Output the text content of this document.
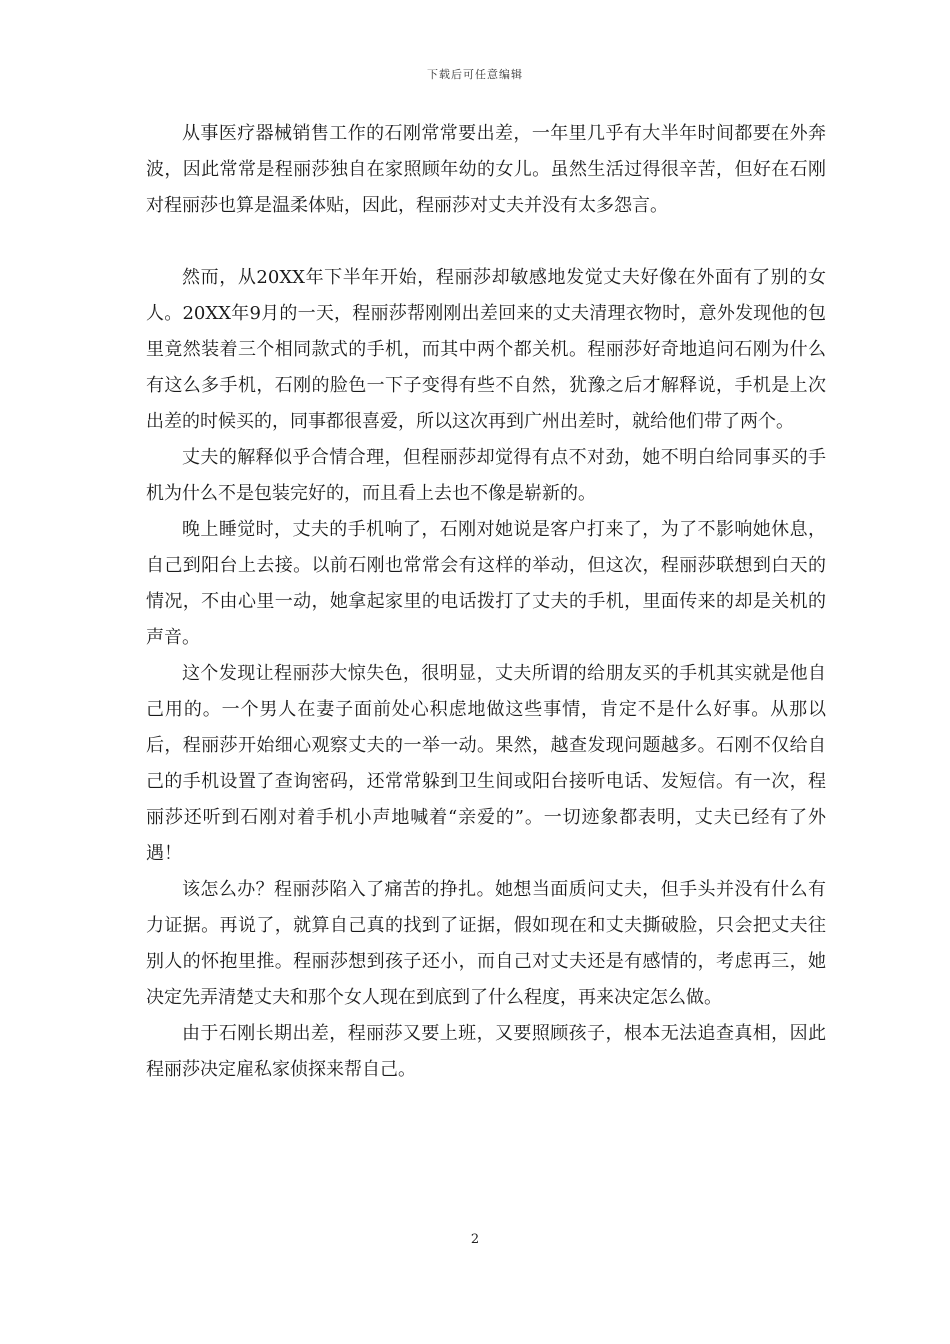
下载后可任意编辑

从事医疗器械销售工作的石刚常常要出差，一年里几乎有大半年时间都要在外奔波，因此常常是程丽莎独自在家照顾年幼的女儿。虽然生活过得很辛苦，但好在石刚对程丽莎也算是温柔体贴，因此，程丽莎对丈夫并没有太多怨言。

然而，从20XX年下半年开始，程丽莎却敏感地发觉丈夫好像在外面有了别的女人。20XX年9月的一天，程丽莎帮刚刚出差回来的丈夫清理衣物时，意外发现他的包里竟然装着三个相同款式的手机，而其中两个都关机。程丽莎好奇地追问石刚为什么有这么多手机，石刚的脸色一下子变得有些不自然，犹豫之后才解释说，手机是上次出差的时候买的，同事都很喜爱，所以这次再到广州出差时，就给他们带了两个。

丈夫的解释似乎合情合理，但程丽莎却觉得有点不对劲，她不明白给同事买的手机为什么不是包装完好的，而且看上去也不像是崭新的。

晚上睡觉时，丈夫的手机响了，石刚对她说是客户打来了，为了不影响她休息，自己到阳台上去接。以前石刚也常常会有这样的举动，但这次，程丽莎联想到白天的情况，不由心里一动，她拿起家里的电话拨打了丈夫的手机，里面传来的却是关机的声音。

这个发现让程丽莎大惊失色，很明显，丈夫所谓的给朋友买的手机其实就是他自己用的。一个男人在妻子面前处心积虑地做这些事情，肯定不是什么好事。从那以后，程丽莎开始细心观察丈夫的一举一动。果然，越查发现问题越多。石刚不仅给自己的手机设置了查询密码，还常常躲到卫生间或阳台接听电话、发短信。有一次，程丽莎还听到石刚对着手机小声地喊着“亲爱的”。一切迹象都表明，丈夫已经有了外遇！

该怎么办？程丽莎陷入了痛苦的挣扎。她想当面质问丈夫，但手头并没有什么有力证据。再说了，就算自己真的找到了证据，假如现在和丈夫撕破脸，只会把丈夫往别人的怀抱里推。程丽莎想到孩子还小，而自己对丈夫还是有感情的，考虑再三，她决定先弄清楚丈夫和那个女人现在到底到了什么程度，再来决定怎么做。

由于石刚长期出差，程丽莎又要上班，又要照顾孩子，根本无法追查真相，因此程丽莎决定雇私家侦探来帮自己。

2
